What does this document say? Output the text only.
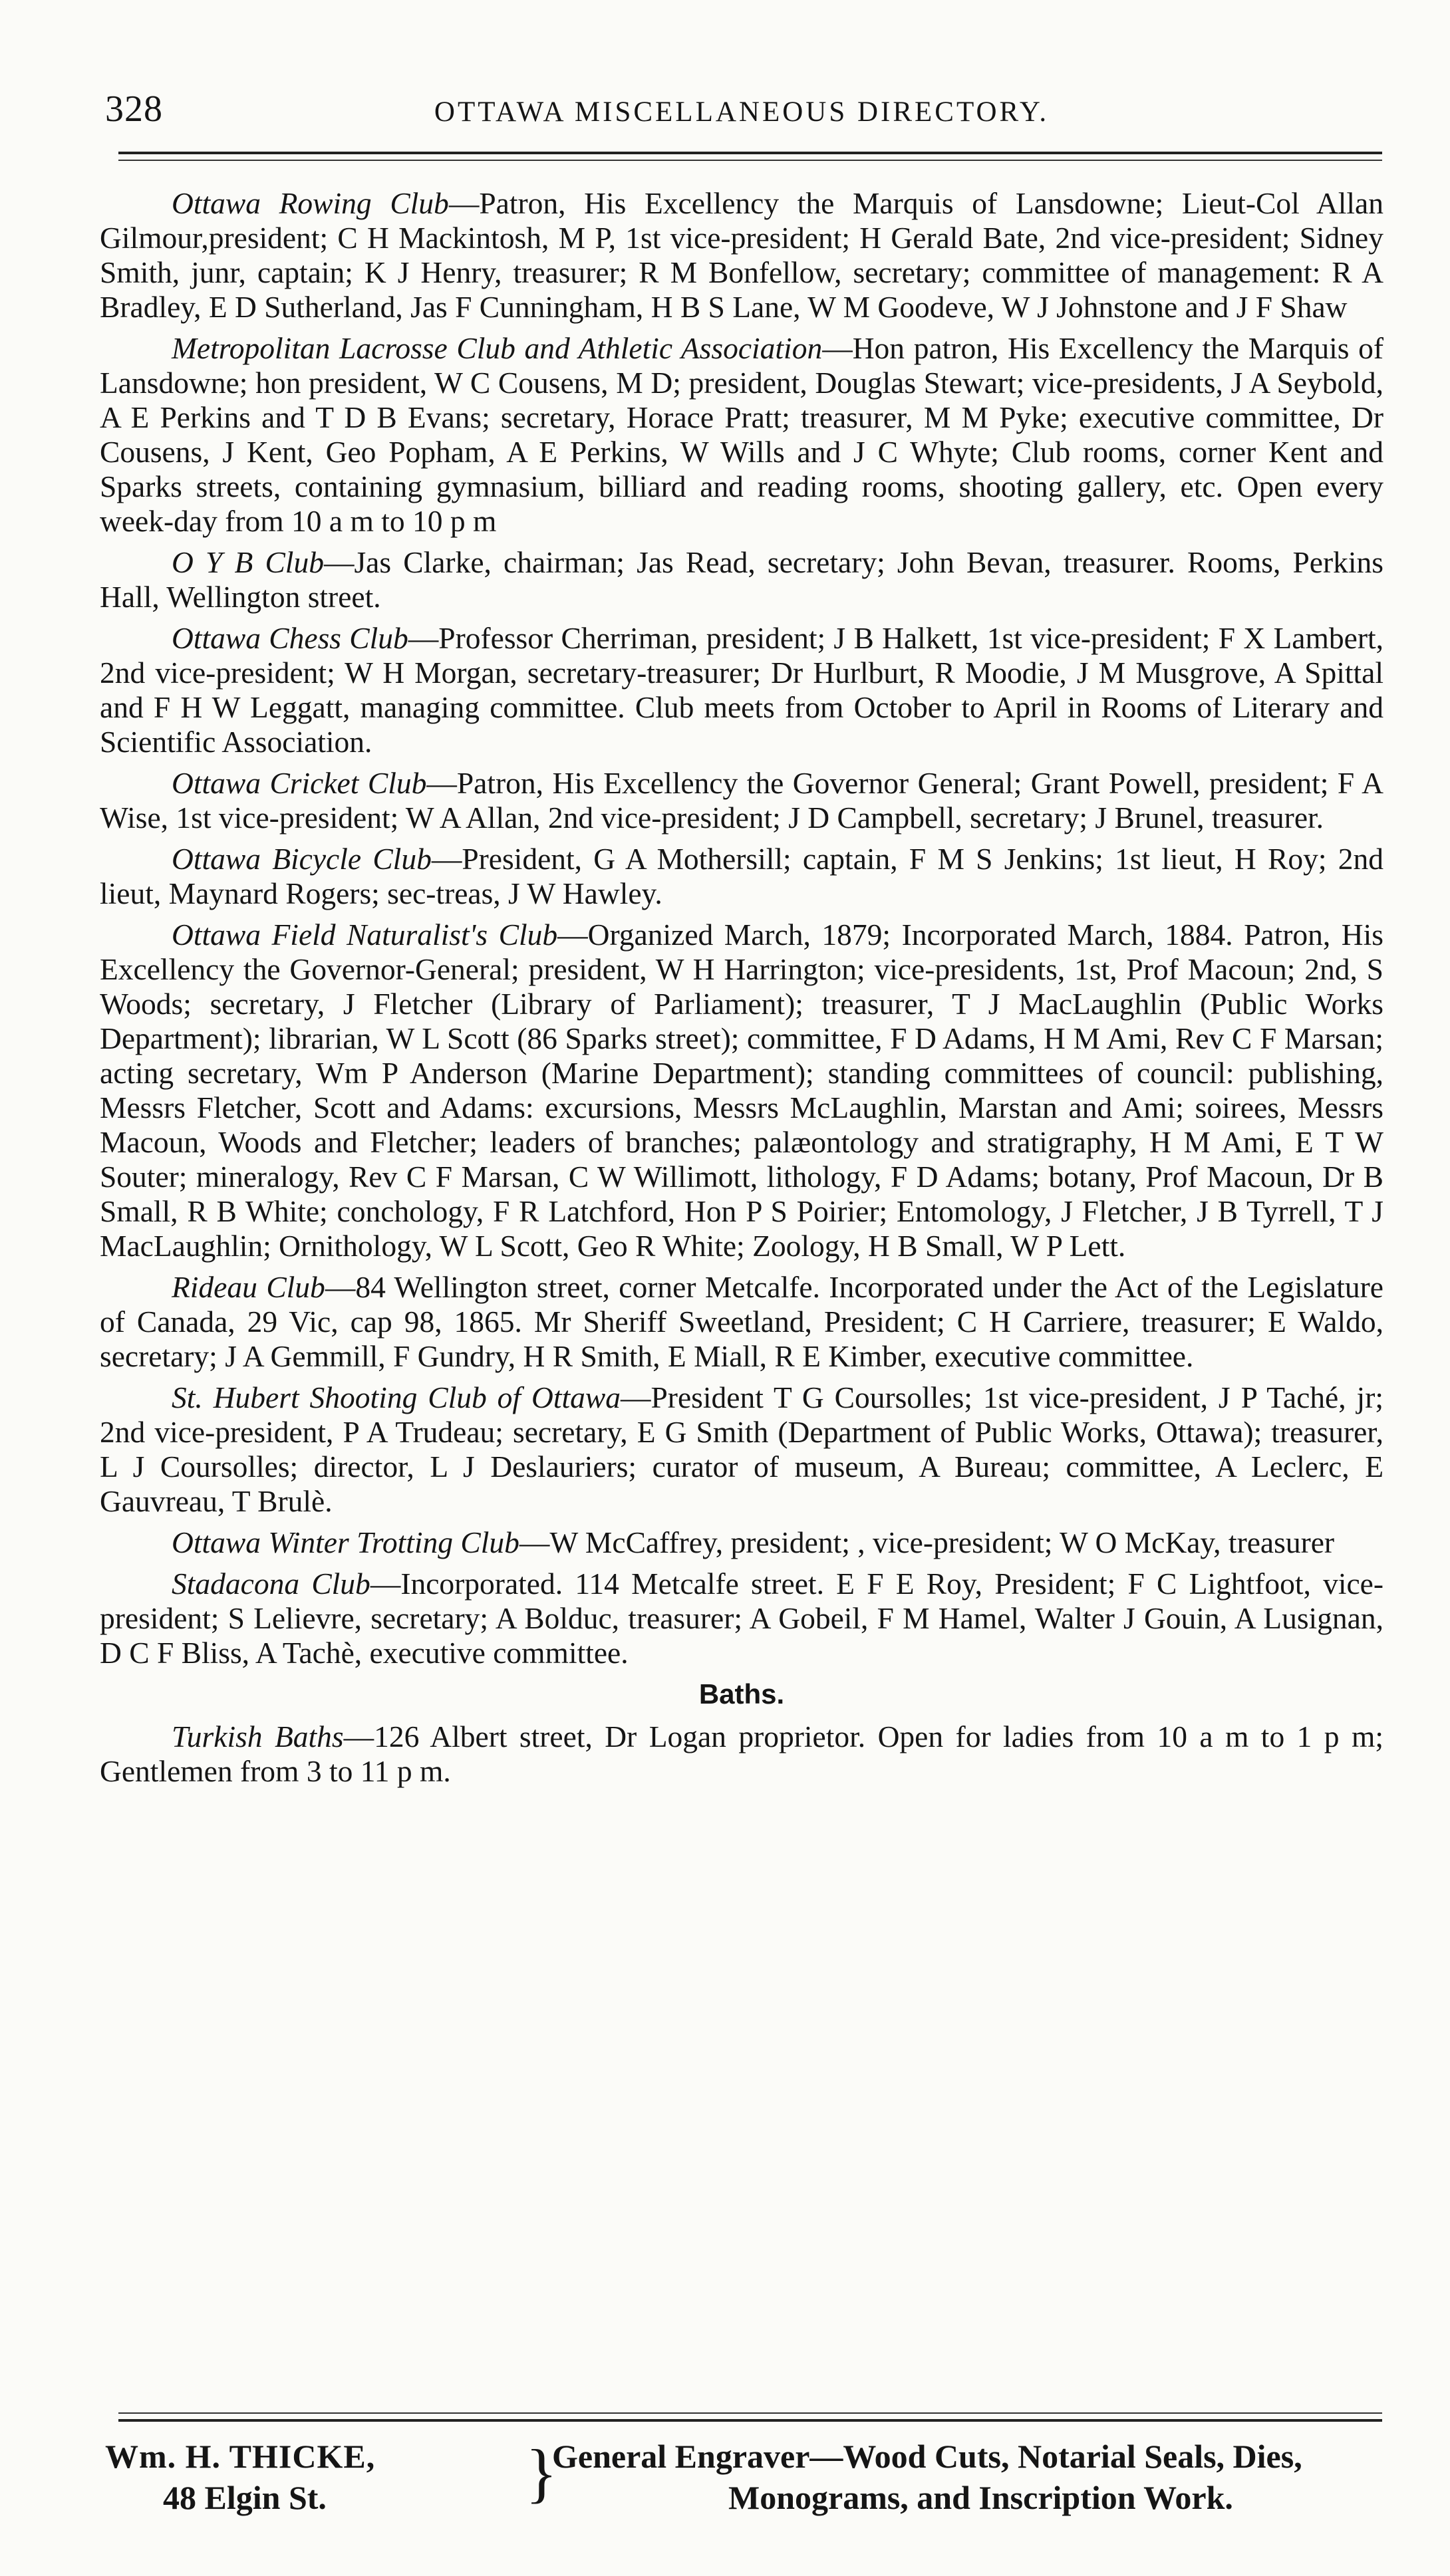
328	OTTAWA MISCELLANEOUS DIRECTORY.

Ottawa Rowing Club—Patron, His Excellency the Marquis of Lansdowne; Lieut-Col Allan Gilmour,president; C H Mackintosh, M P, 1st vice-president; H Gerald Bate, 2nd vice-president; Sidney Smith, junr, captain; K J Henry, treasurer; R M Bonfellow, secretary; committee of management: R A Bradley, E D Sutherland, Jas F Cunningham, H B S Lane, W M Goodeve, W J Johnstone and J F Shaw

Metropolitan Lacrosse Club and Athletic Association—Hon patron, His Excellency the Marquis of Lansdowne; hon president, W C Cousens, M D; president, Douglas Stewart; vice-presidents, J A Seybold, A E Perkins and T D B Evans; secretary, Horace Pratt; treasurer, M M Pyke; executive committee, Dr Cousens, J Kent, Geo Popham, A E Perkins, W Wills and J C Whyte; Club rooms, corner Kent and Sparks streets, containing gymnasium, billiard and reading rooms, shooting gallery, etc. Open every week-day from 10 a m to 10 p m

O Y B Club—Jas Clarke, chairman; Jas Read, secretary; John Bevan, treasurer. Rooms, Perkins Hall, Wellington street.

Ottawa Chess Club—Professor Cherriman, president; J B Halkett, 1st vice-president; F X Lambert, 2nd vice-president; W H Morgan, secretary-treasurer; Dr Hurlburt, R Moodie, J M Musgrove, A Spittal and F H W Leggatt, managing committee. Club meets from October to April in Rooms of Literary and Scientific Association.

Ottawa Cricket Club—Patron, His Excellency the Governor General; Grant Powell, president; F A Wise, 1st vice-president; W A Allan, 2nd vice-president; J D Campbell, secretary; J Brunel, treasurer.

Ottawa Bicycle Club—President, G A Mothersill; captain, F M S Jenkins; 1st lieut, H Roy; 2nd lieut, Maynard Rogers; sec-treas, J W Hawley.

Ottawa Field Naturalist's Club—Organized March, 1879; Incorporated March, 1884. Patron, His Excellency the Governor-General; president, W H Harrington; vice-presidents, 1st, Prof Macoun; 2nd, S Woods; secretary, J Fletcher (Library of Parliament); treasurer, T J MacLaughlin (Public Works Department); librarian, W L Scott (86 Sparks street); committee, F D Adams, H M Ami, Rev C F Marsan; acting secretary, Wm P Anderson (Marine Department); standing committees of council: publishing, Messrs Fletcher, Scott and Adams: excursions, Messrs McLaughlin, Marstan and Ami; soirees, Messrs Macoun, Woods and Fletcher; leaders of branches; palæontology and stratigraphy, H M Ami, E T W Souter; mineralogy, Rev C F Marsan, C W Willimott, lithology, F D Adams; botany, Prof Macoun, Dr B Small, R B White; conchology, F R Latchford, Hon P S Poirier; Entomology, J Fletcher, J B Tyrrell, T J MacLaughlin; Ornithology, W L Scott, Geo R White; Zoology, H B Small, W P Lett.

Rideau Club—84 Wellington street, corner Metcalfe. Incorporated under the Act of the Legislature of Canada, 29 Vic, cap 98, 1865. Mr Sheriff Sweetland, President; C H Carriere, treasurer; E Waldo, secretary; J A Gemmill, F Gundry, H R Smith, E Miall, R E Kimber, executive committee.

St. Hubert Shooting Club of Ottawa—President T G Coursolles; 1st vice-president, J P Taché, jr; 2nd vice-president, P A Trudeau; secretary, E G Smith (Department of Public Works, Ottawa); treasurer, L J Coursolles; director, L J Deslauriers; curator of museum, A Bureau; committee, A Leclerc, E Gauvreau, T Brulè.

Ottawa Winter Trotting Club—W McCaffrey, president; , vice-president; W O McKay, treasurer

Stadacona Club—Incorporated. 114 Metcalfe street. E F E Roy, President; F C Lightfoot, vice-president; S Lelievre, secretary; A Bolduc, treasurer; A Gobeil, F M Hamel, Walter J Gouin, A Lusignan, D C F Bliss, A Tachè, executive committee.

Baths.

Turkish Baths—126 Albert street, Dr Logan proprietor. Open for ladies from 10 a m to 1 p m; Gentlemen from 3 to 11 p m.

Wm. H. THICKE,
48 Elgin St.	}
General Engraver—Wood Cuts, Notarial Seals, Dies,
Monograms, and Inscription Work.
